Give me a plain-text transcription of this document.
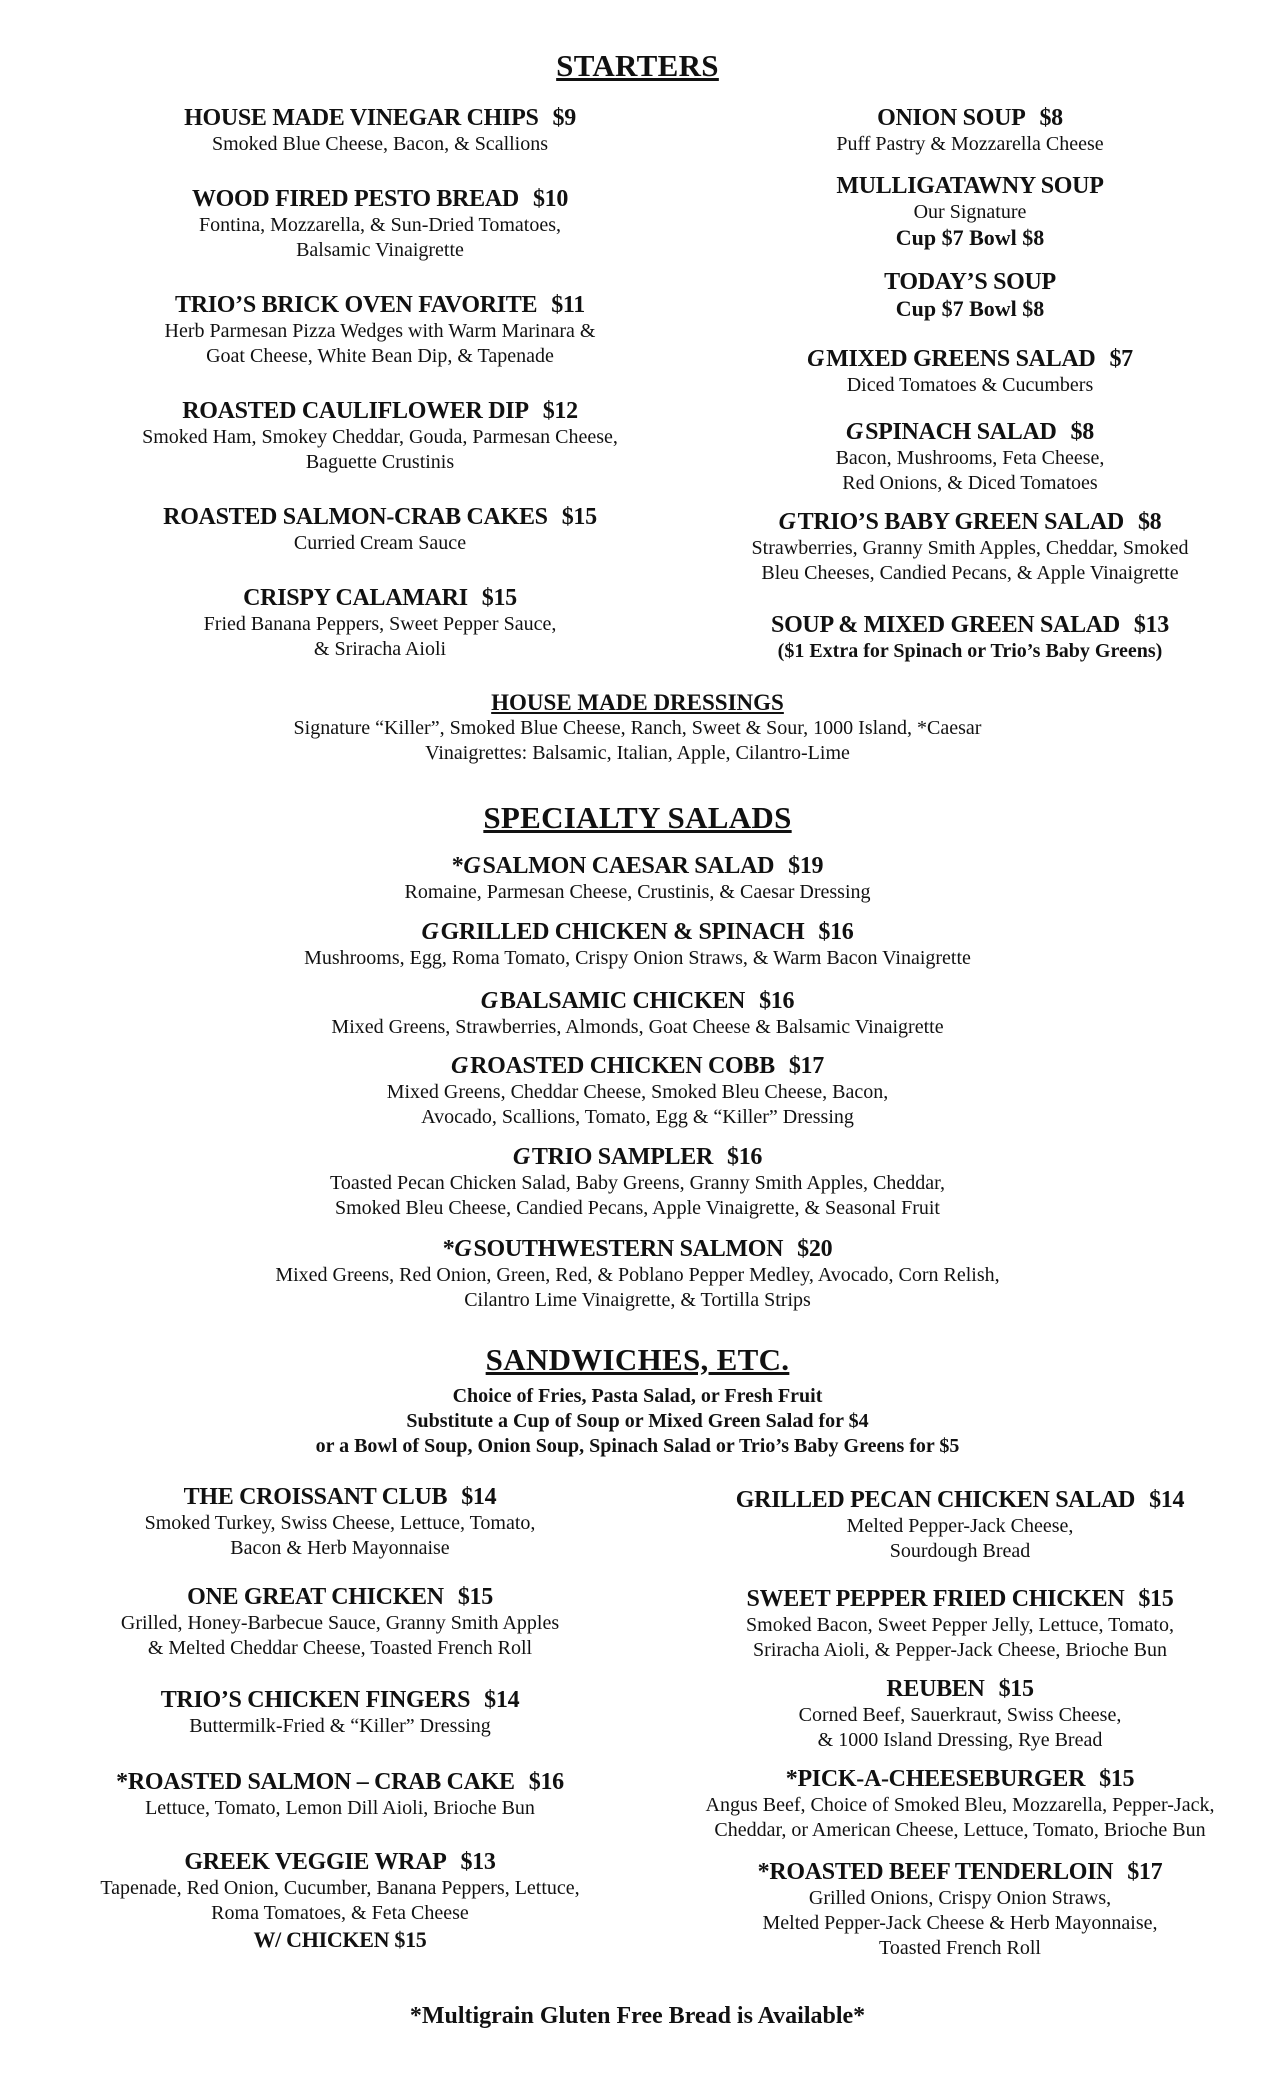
STARTERS
HOUSE MADE VINEGAR CHIPS $9
Smoked Blue Cheese, Bacon, & Scallions
WOOD FIRED PESTO BREAD $10
Fontina, Mozzarella, & Sun-Dried Tomatoes,
Balsamic Vinaigrette
TRIO’S BRICK OVEN FAVORITE $11
Herb Parmesan Pizza Wedges with Warm Marinara &
Goat Cheese, White Bean Dip, & Tapenade
ROASTED CAULIFLOWER DIP $12
Smoked Ham, Smokey Cheddar, Gouda, Parmesan Cheese,
Baguette Crustinis
ROASTED SALMON-CRAB CAKES $15
Curried Cream Sauce
CRISPY CALAMARI $15
Fried Banana Peppers, Sweet Pepper Sauce,
& Sriracha Aioli
ONION SOUP $8
Puff Pastry & Mozzarella Cheese
MULLIGATAWNY SOUP
Our Signature
Cup $7 Bowl $8
TODAY’S SOUP
Cup $7 Bowl $8
GMIXED GREENS SALAD $7
Diced Tomatoes & Cucumbers
GSPINACH SALAD $8
Bacon, Mushrooms, Feta Cheese,
Red Onions, & Diced Tomatoes
GTRIO’S BABY GREEN SALAD $8
Strawberries, Granny Smith Apples, Cheddar, Smoked
Bleu Cheeses, Candied Pecans, & Apple Vinaigrette
SOUP & MIXED GREEN SALAD $13
($1 Extra for Spinach or Trio’s Baby Greens)
HOUSE MADE DRESSINGS
Signature “Killer”, Smoked Blue Cheese, Ranch, Sweet & Sour, 1000 Island, *Caesar
Vinaigrettes: Balsamic, Italian, Apple, Cilantro-Lime
SPECIALTY SALADS
*GSALMON CAESAR SALAD $19
Romaine, Parmesan Cheese, Crustinis, & Caesar Dressing
GGRILLED CHICKEN & SPINACH $16
Mushrooms, Egg, Roma Tomato, Crispy Onion Straws, & Warm Bacon Vinaigrette
GBALSAMIC CHICKEN $16
Mixed Greens, Strawberries, Almonds, Goat Cheese & Balsamic Vinaigrette
GROASTED CHICKEN COBB $17
Mixed Greens, Cheddar Cheese, Smoked Bleu Cheese, Bacon,
Avocado, Scallions, Tomato, Egg & “Killer” Dressing
GTRIO SAMPLER $16
Toasted Pecan Chicken Salad, Baby Greens, Granny Smith Apples, Cheddar,
Smoked Bleu Cheese, Candied Pecans, Apple Vinaigrette, & Seasonal Fruit
*GSOUTHWESTERN SALMON $20
Mixed Greens, Red Onion, Green, Red, & Poblano Pepper Medley, Avocado, Corn Relish,
Cilantro Lime Vinaigrette, & Tortilla Strips
SANDWICHES, ETC.
Choice of Fries, Pasta Salad, or Fresh Fruit
Substitute a Cup of Soup or Mixed Green Salad for $4
or a Bowl of Soup, Onion Soup, Spinach Salad or Trio’s Baby Greens for $5
THE CROISSANT CLUB $14
Smoked Turkey, Swiss Cheese, Lettuce, Tomato,
Bacon & Herb Mayonnaise
ONE GREAT CHICKEN $15
Grilled, Honey-Barbecue Sauce, Granny Smith Apples
& Melted Cheddar Cheese, Toasted French Roll
TRIO’S CHICKEN FINGERS $14
Buttermilk-Fried & “Killer” Dressing
*ROASTED SALMON – CRAB CAKE $16
Lettuce, Tomato, Lemon Dill Aioli, Brioche Bun
GREEK VEGGIE WRAP $13
Tapenade, Red Onion, Cucumber, Banana Peppers, Lettuce,
Roma Tomatoes, & Feta Cheese
W/ CHICKEN $15
GRILLED PECAN CHICKEN SALAD $14
Melted Pepper-Jack Cheese,
Sourdough Bread
SWEET PEPPER FRIED CHICKEN $15
Smoked Bacon, Sweet Pepper Jelly, Lettuce, Tomato,
Sriracha Aioli, & Pepper-Jack Cheese, Brioche Bun
REUBEN $15
Corned Beef, Sauerkraut, Swiss Cheese,
& 1000 Island Dressing, Rye Bread
*PICK-A-CHEESEBURGER $15
Angus Beef, Choice of Smoked Bleu, Mozzarella, Pepper-Jack,
Cheddar, or American Cheese, Lettuce, Tomato, Brioche Bun
*ROASTED BEEF TENDERLOIN $17
Grilled Onions, Crispy Onion Straws,
Melted Pepper-Jack Cheese & Herb Mayonnaise,
Toasted French Roll
*Multigrain Gluten Free Bread is Available*
